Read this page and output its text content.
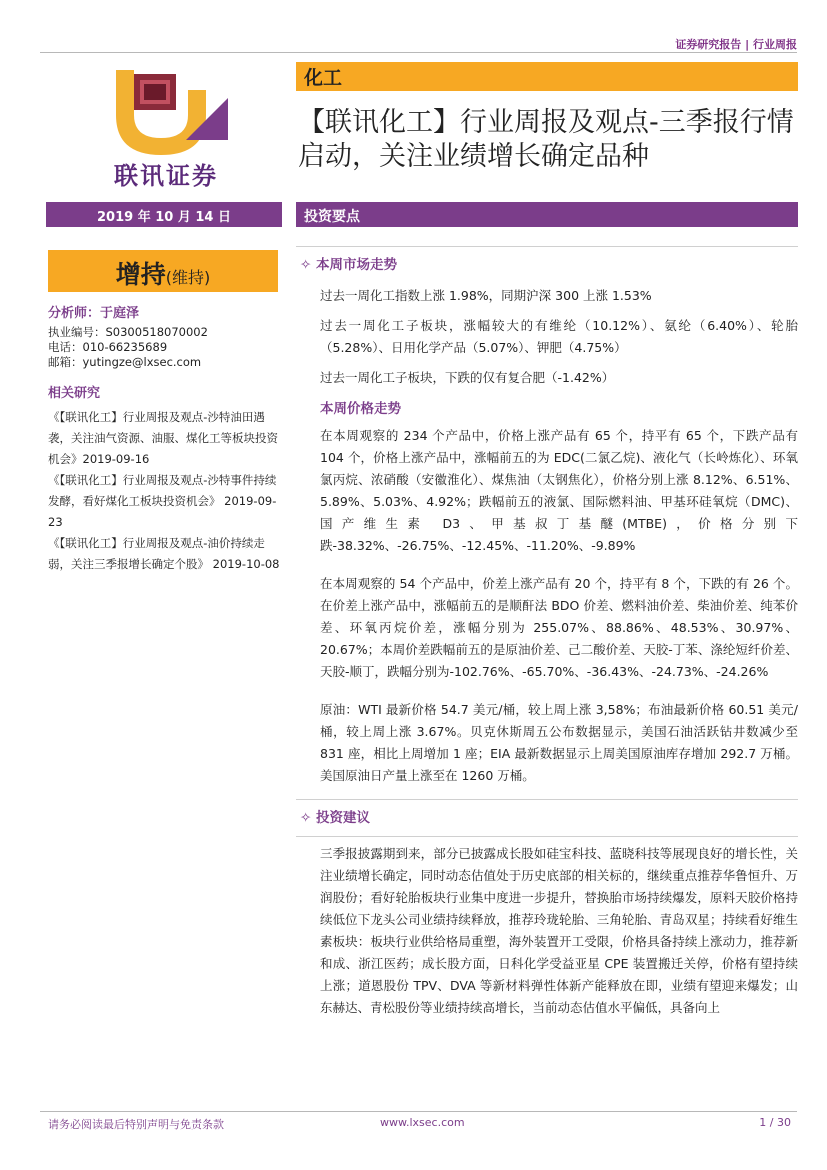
证券研究报告 | 行业周报
联讯证券
化工
【联讯化工】行业周报及观点-三季报行情启动，关注业绩增长确定品种
2019 年 10 月 14 日	投资要点
增持(维持)
分析师：于庭泽
执业编号：S0300518070002
电话：010-66235689
邮箱：yutingze@lxsec.com
相关研究
《【联讯化工】行业周报及观点-沙特油田遇袭，关注油气资源、油服、煤化工等板块投资机会》2019-09-16
《【联讯化工】行业周报及观点-沙特事件持续发酵，看好煤化工板块投资机会》 2019-09-23
《【联讯化工】行业周报及观点-油价持续走弱，关注三季报增长确定个股》 2019-10-08
✧ 本周市场走势
过去一周化工指数上涨 1.98%，同期沪深 300 上涨 1.53%
过去一周化工子板块，涨幅较大的有维纶（10.12%）、氨纶（6.40%）、轮胎（5.28%）、日用化学产品（5.07%）、钾肥（4.75%）
过去一周化工子板块，下跌的仅有复合肥（-1.42%）
本周价格走势
在本周观察的 234 个产品中，价格上涨产品有 65 个，持平有 65 个，下跌产品有 104 个，价格上涨产品中，涨幅前五的为 EDC(二氯乙烷)、液化气（长岭炼化）、环氧氯丙烷、浓硝酸（安徽淮化）、煤焦油（太钢焦化），价格分别上涨 8.12%、6.51%、5.89%、5.03%、4.92%；跌幅前五的液氯、国际燃料油、甲基环硅氧烷（DMC)、国产维生素 D3、甲基叔丁基醚(MTBE)，价格分别下跌-38.32%、-26.75%、-12.45%、-11.20%、-9.89%
在本周观察的 54 个产品中，价差上涨产品有 20 个，持平有 8 个，下跌的有 26 个。在价差上涨产品中，涨幅前五的是顺酐法 BDO 价差、燃料油价差、柴油价差、纯苯价差、环氧丙烷价差，涨幅分别为 255.07%、88.86%、48.53%、30.97%、20.67%；本周价差跌幅前五的是原油价差、己二酸价差、天胶-丁苯、涤纶短纤价差、天胶-顺丁，跌幅分别为-102.76%、-65.70%、-36.43%、-24.73%、-24.26%
原油：WTI 最新价格 54.7 美元/桶，较上周上涨 3,58%；布油最新价格 60.51 美元/桶，较上周上涨 3.67%。贝克休斯周五公布数据显示，美国石油活跃钻井数减少至 831 座，相比上周增加 1 座；EIA 最新数据显示上周美国原油库存增加 292.7 万桶。美国原油日产量上涨至在 1260 万桶。
✧ 投资建议
三季报披露期到来，部分已披露成长股如硅宝科技、蓝晓科技等展现良好的增长性，关注业绩增长确定，同时动态估值处于历史底部的相关标的，继续重点推荐华鲁恒升、万润股份；看好轮胎板块行业集中度进一步提升，替换胎市场持续爆发，原料天胶价格持续低位下龙头公司业绩持续释放，推荐玲珑轮胎、三角轮胎、青岛双星；持续看好维生素板块：板块行业供给格局重塑，海外装置开工受限，价格具备持续上涨动力，推荐新和成、浙江医药；成长股方面，日科化学受益亚星 CPE 装置搬迁关停，价格有望持续上涨；道恩股份 TPV、DVA 等新材料弹性体新产能释放在即，业绩有望迎来爆发；山东赫达、青松股份等业绩持续高增长，当前动态估值水平偏低，具备向上
请务必阅读最后特别声明与免责条款	www.lxsec.com	1 / 30
